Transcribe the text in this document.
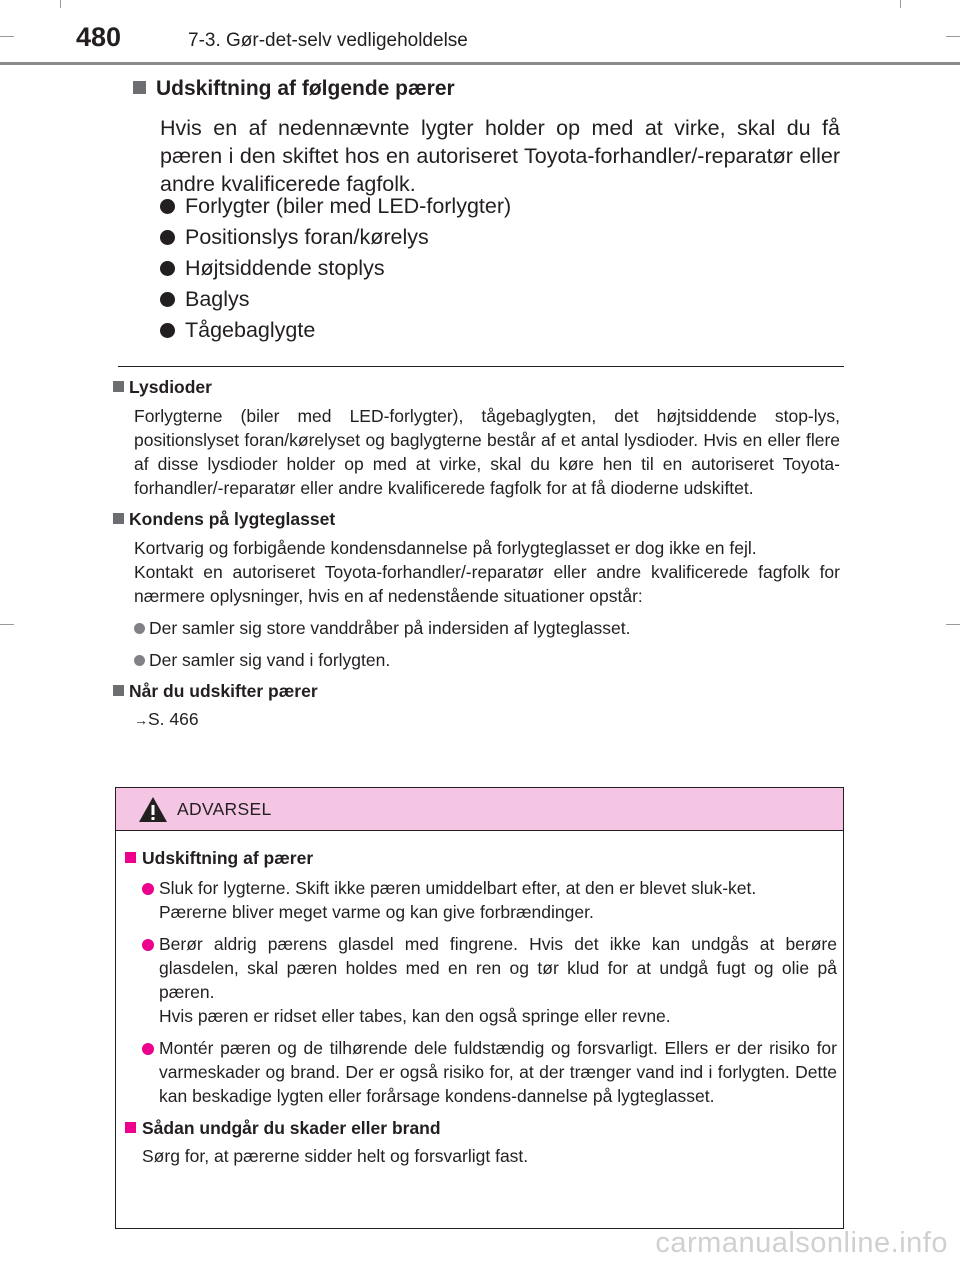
480	7-3. Gør-det-selv vedligeholdelse
Udskiftning af følgende pærer
Hvis en af nedennævnte lygter holder op med at virke, skal du få pæren i den skiftet hos en autoriseret Toyota-forhandler/-reparatør eller andre kvalificerede fagfolk.
Forlygter (biler med LED-forlygter)
Positionslys foran/kørelys
Højtsiddende stoplys
Baglys
Tågebaglygte
Lysdioder
Forlygterne (biler med LED-forlygter), tågebaglygten, det højtsiddende stop-lys, positionslyset foran/kørelyset og baglygterne består af et antal lysdioder. Hvis en eller flere af disse lysdioder holder op med at virke, skal du køre hen til en autoriseret Toyota-forhandler/-reparatør eller andre kvalificerede fagfolk for at få dioderne udskiftet.
Kondens på lygteglasset
Kortvarig og forbigående kondensdannelse på forlygteglasset er dog ikke en fejl.
Kontakt en autoriseret Toyota-forhandler/-reparatør eller andre kvalificerede fagfolk for nærmere oplysninger, hvis en af nedenstående situationer opstår:
Der samler sig store vanddråber på indersiden af lygteglasset.
Der samler sig vand i forlygten.
Når du udskifter pærer
→S. 466
ADVARSEL
Udskiftning af pærer
Sluk for lygterne. Skift ikke pæren umiddelbart efter, at den er blevet sluk-ket.
Pærerne bliver meget varme og kan give forbrændinger.
Berør aldrig pærens glasdel med fingrene. Hvis det ikke kan undgås at berøre glasdelen, skal pæren holdes med en ren og tør klud for at undgå fugt og olie på pæren.
Hvis pæren er ridset eller tabes, kan den også springe eller revne.
Montér pæren og de tilhørende dele fuldstændig og forsvarligt. Ellers er der risiko for varmeskader og brand. Der er også risiko for, at der trænger vand ind i forlygten. Dette kan beskadige lygten eller forårsage kondens-dannelse på lygteglasset.
Sådan undgår du skader eller brand
Sørg for, at pærerne sidder helt og forsvarligt fast.
carmanualsonline.info
